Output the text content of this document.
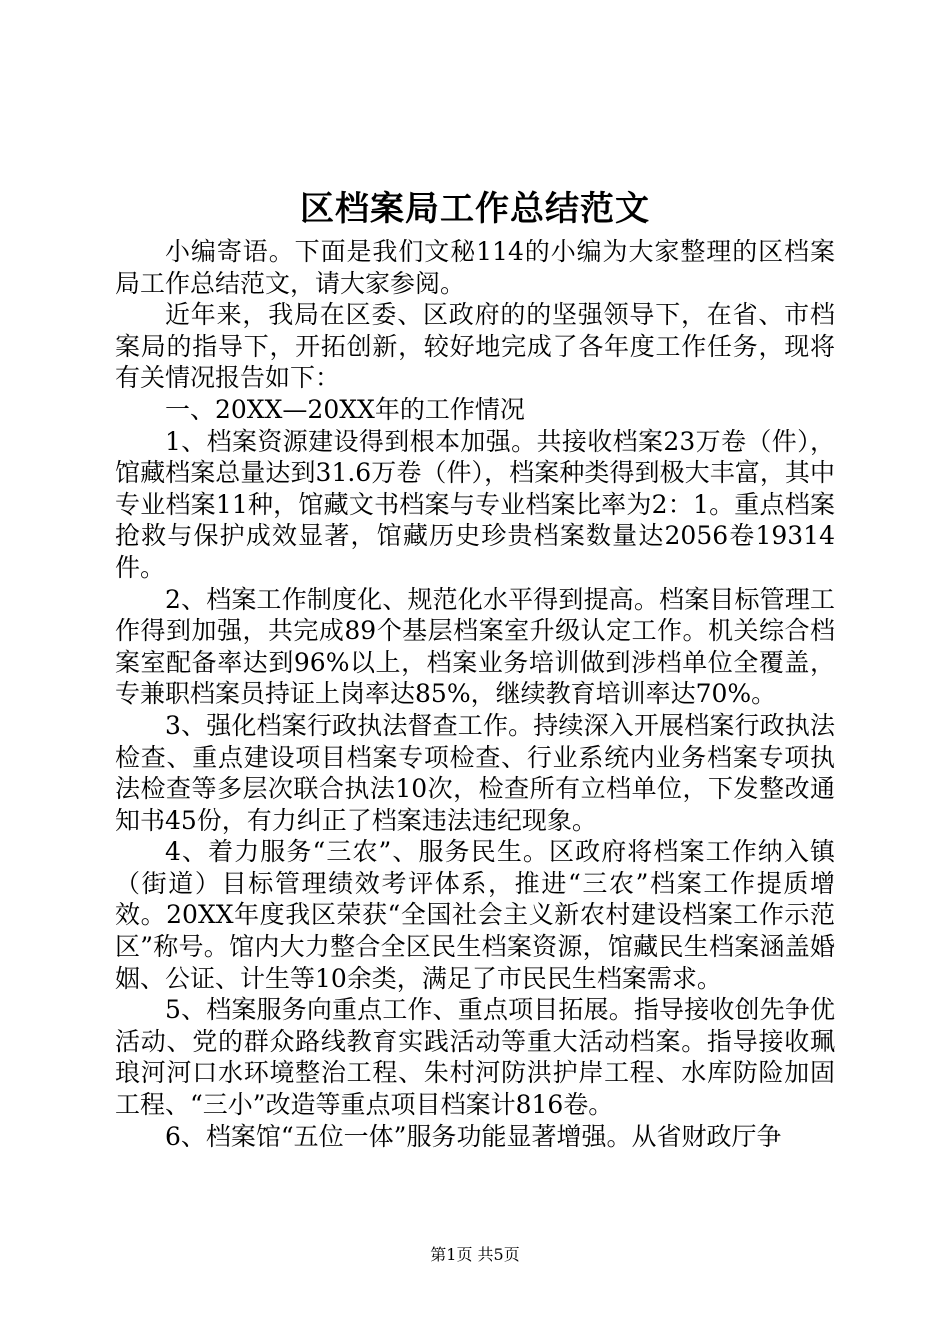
区档案局工作总结范文

小编寄语。下面是我们文秘114的小编为大家整理的区档案局工作总结范文，请大家参阅。

近年来，我局在区委、区政府的的坚强领导下，在省、市档案局的指导下，开拓创新，较好地完成了各年度工作任务，现将有关情况报告如下：

一、20XX—20XX年的工作情况

1、档案资源建设得到根本加强。共接收档案23万卷（件），馆藏档案总量达到31.6万卷（件），档案种类得到极大丰富，其中专业档案11种，馆藏文书档案与专业档案比率为2：1。重点档案抢救与保护成效显著，馆藏历史珍贵档案数量达2056卷19314件。

2、档案工作制度化、规范化水平得到提高。档案目标管理工作得到加强，共完成89个基层档案室升级认定工作。机关综合档案室配备率达到96%以上，档案业务培训做到涉档单位全覆盖，专兼职档案员持证上岗率达85%，继续教育培训率达70%。

3、强化档案行政执法督查工作。持续深入开展档案行政执法检查、重点建设项目档案专项检查、行业系统内业务档案专项执法检查等多层次联合执法10次，检查所有立档单位，下发整改通知书45份，有力纠正了档案违法违纪现象。

4、着力服务“三农”、服务民生。区政府将档案工作纳入镇（街道）目标管理绩效考评体系，推进“三农”档案工作提质增效。20XX年度我区荣获“全国社会主义新农村建设档案工作示范区”称号。馆内大力整合全区民生档案资源，馆藏民生档案涵盖婚姻、公证、计生等10余类，满足了市民民生档案需求。

5、档案服务向重点工作、重点项目拓展。指导接收创先争优活动、党的群众路线教育实践活动等重大活动档案。指导接收珮琅河河口水环境整治工程、朱村河防洪护岸工程、水库防险加固工程、“三小”改造等重点项目档案计816卷。

6、档案馆“五位一体”服务功能显著增强。从省财政厅争

第1页 共5页
